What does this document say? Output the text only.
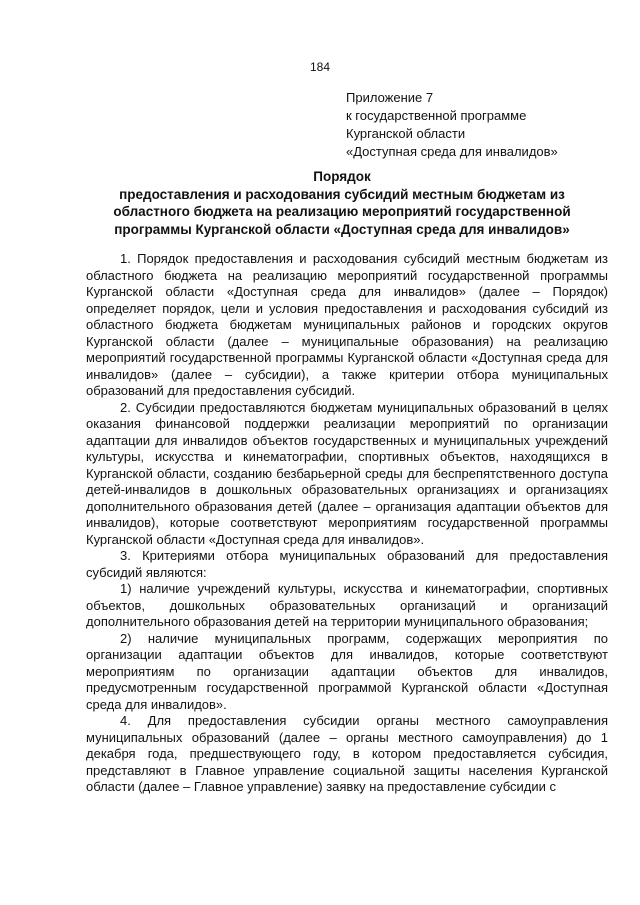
184
Приложение 7
к государственной программе
Курганской области
«Доступная среда для инвалидов»
Порядок
предоставления и расходования субсидий местным бюджетам из
областного бюджета на реализацию мероприятий государственной
программы Курганской области «Доступная среда для инвалидов»

1. Порядок предоставления и расходования субсидий местным бюджетам из областного бюджета на реализацию мероприятий государственной программы Курганской области «Доступная среда для инвалидов» (далее – Порядок) определяет порядок, цели и условия предоставления и расходования субсидий из областного бюджета бюджетам муниципальных районов и городских округов Курганской области (далее – муниципальные образования) на реализацию мероприятий государственной программы Курганской области «Доступная среда для инвалидов» (далее – субсидии), а также критерии отбора муниципальных образований для предоставления субсидий.

2. Субсидии предоставляются бюджетам муниципальных образований в целях оказания финансовой поддержки реализации мероприятий по организации адаптации для инвалидов объектов государственных и муниципальных учреждений культуры, искусства и кинематографии, спортивных объектов, находящихся в Курганской области, созданию безбарьерной среды для беспрепятственного доступа детей-инвалидов в дошкольных образовательных организациях и организациях дополнительного образования детей (далее – организация адаптации объектов для инвалидов), которые соответствуют мероприятиям государственной программы Курганской области «Доступная среда для инвалидов».

3. Критериями отбора муниципальных образований для предоставления субсидий являются:

1) наличие учреждений культуры, искусства и кинематографии, спортивных объектов, дошкольных образовательных организаций и организаций дополнительного образования детей на территории муниципального образования;

2) наличие муниципальных программ, содержащих мероприятия по организации адаптации объектов для инвалидов, которые соответствуют мероприятиям по организации адаптации объектов для инвалидов, предусмотренным государственной программой Курганской области «Доступная среда для инвалидов».

4. Для предоставления субсидии органы местного самоуправления муниципальных образований (далее – органы местного самоуправления) до 1 декабря года, предшествующего году, в котором предоставляется субсидия, представляют в Главное управление социальной защиты населения Курганской области (далее – Главное управление) заявку на предоставление субсидии с
